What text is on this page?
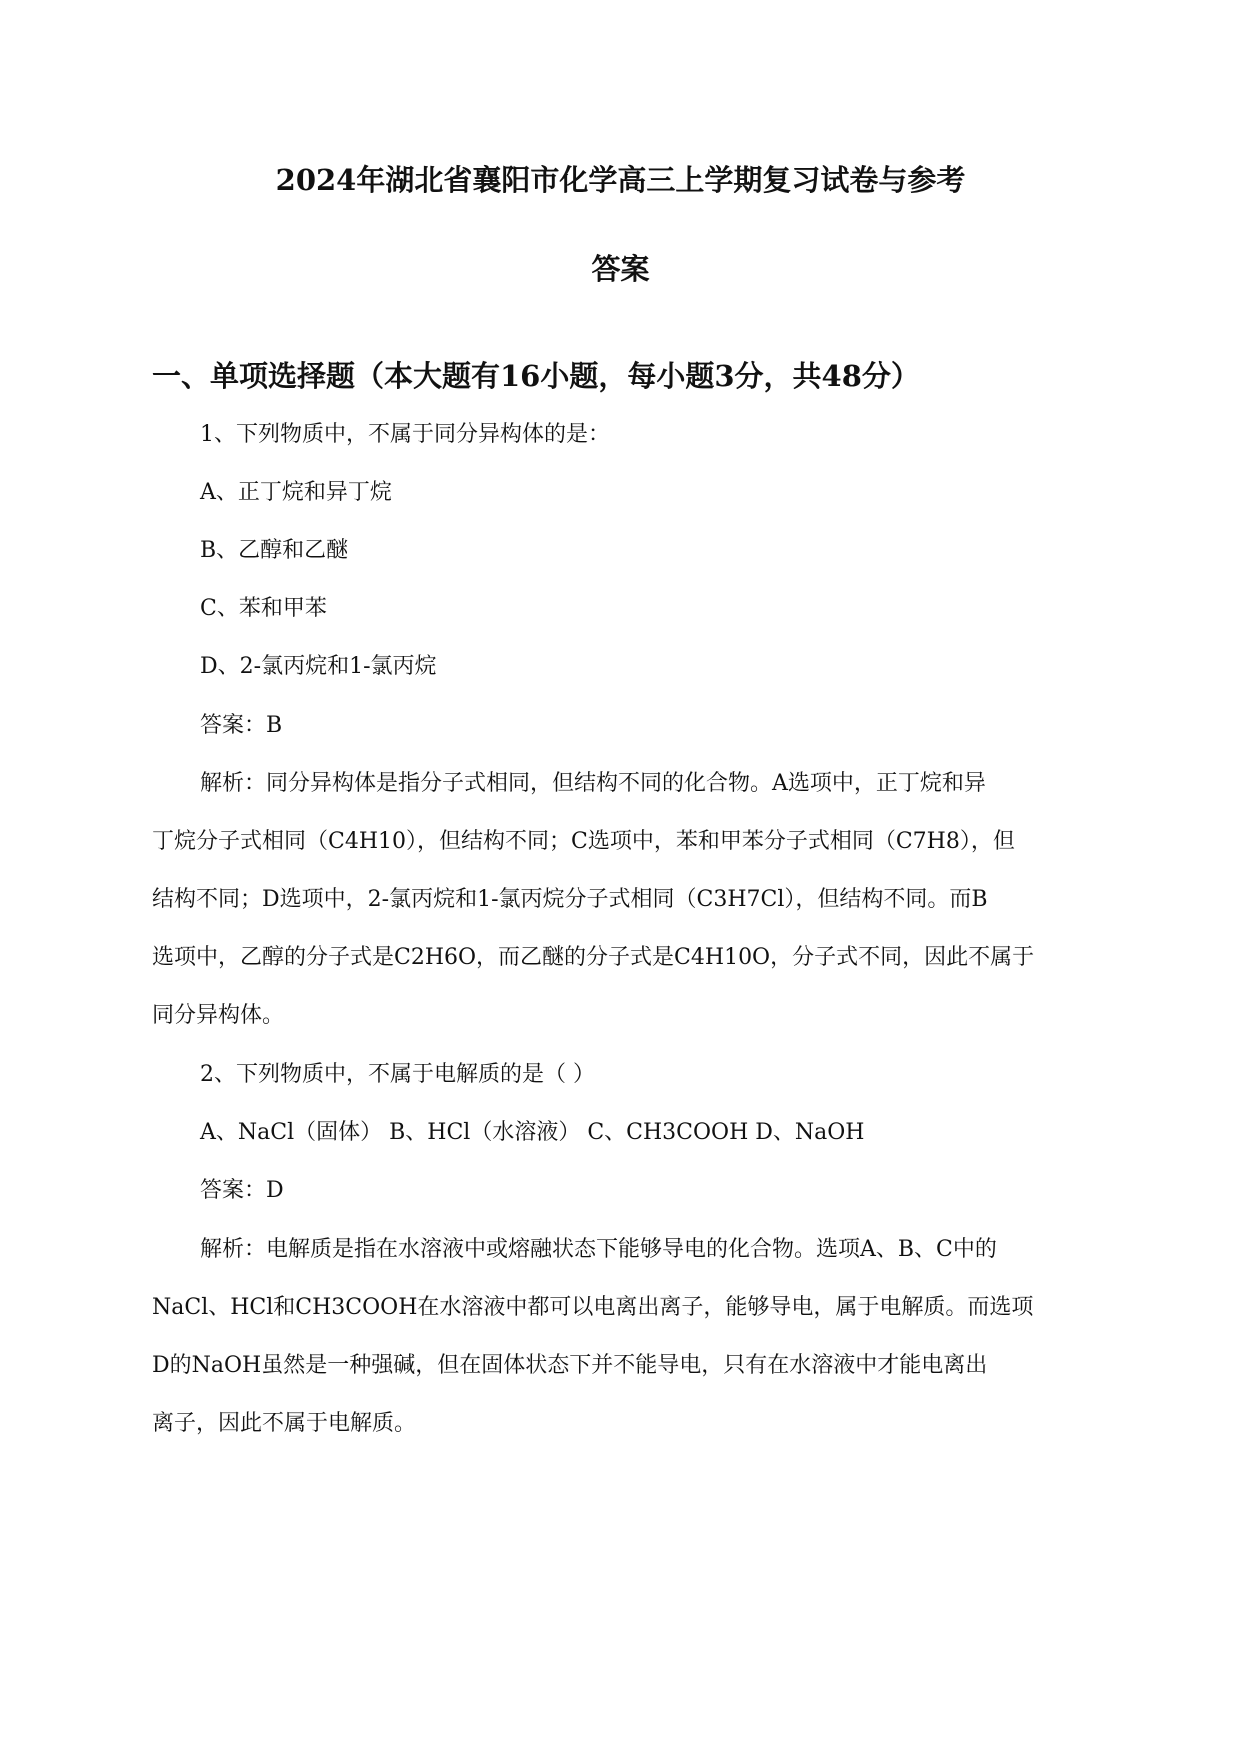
2024年湖北省襄阳市化学高三上学期复习试卷与参考
答案
一、单项选择题（本大题有16小题，每小题3分，共48分）
1、下列物质中，不属于同分异构体的是：
A、正丁烷和异丁烷
B、乙醇和乙醚
C、苯和甲苯
D、2-氯丙烷和1-氯丙烷
答案：B
解析：同分异构体是指分子式相同，但结构不同的化合物。A选项中，正丁烷和异
丁烷分子式相同（C4H10），但结构不同；C选项中，苯和甲苯分子式相同（C7H8），但
结构不同；D选项中，2-氯丙烷和1-氯丙烷分子式相同（C3H7Cl），但结构不同。而B
选项中，乙醇的分子式是C2H6O，而乙醚的分子式是C4H10O，分子式不同，因此不属于
同分异构体。
2、下列物质中，不属于电解质的是（ ）
A、NaCl（固体） B、HCl（水溶液） C、CH3COOH D、NaOH
答案：D
解析：电解质是指在水溶液中或熔融状态下能够导电的化合物。选项A、B、C中的
NaCl、HCl和CH3COOH在水溶液中都可以电离出离子，能够导电，属于电解质。而选项
D的NaOH虽然是一种强碱，但在固体状态下并不能导电，只有在水溶液中才能电离出
离子，因此不属于电解质。
